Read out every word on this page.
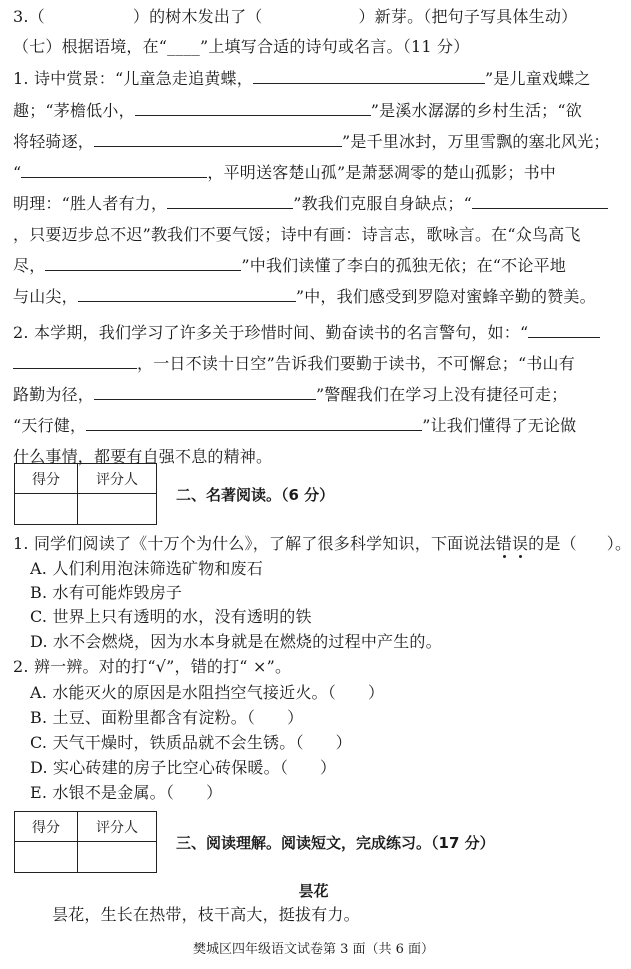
3.（	）的树木发出了（	）新芽。（把句子写具体生动）
（七）根据语境，在“____”上填写合适的诗句或名言。（11 分）
1. 诗中赏景：“儿童急走追黄蝶，	”是儿童戏蝶之
趣；“茅檐低小，	”是溪水潺潺的乡村生活；“欲
将轻骑逐，	”是千里冰封，万里雪飘的塞北风光；
“	，平明送客楚山孤”是萧瑟凋零的楚山孤影；书中
明理：“胜人者有力，	”教我们克服自身缺点；“
，只要迈步总不迟”教我们不要气馁；诗中有画：诗言志，歌咏言。在“众鸟高飞
尽，	”中我们读懂了李白的孤独无依；在“不论平地
与山尖，	”中，我们感受到罗隐对蜜蜂辛勤的赞美。
2. 本学期，我们学习了许多关于珍惜时间、勤奋读书的名言警句，如：“
，一日不读十日空”告诉我们要勤于读书，不可懈怠；“书山有
路勤为径，	”警醒我们在学习上没有捷径可走；
“天行健，	”让我们懂得了无论做
什么事情，都要有自强不息的精神。
得分	评分人

二、名著阅读。（6 分）
1. 同学们阅读了《十万个为什么》，了解了很多科学知识，下面说法错误的是（ ）。
A. 人们利用泡沫筛选矿物和废石
B. 水有可能炸毁房子
C. 世界上只有透明的水，没有透明的铁
D. 水不会燃烧，因为水本身就是在燃烧的过程中产生的。
2. 辨一辨。对的打“√”，错的打“ ×”。
A. 水能灭火的原因是水阻挡空气接近火。（ ）
B. 土豆、面粉里都含有淀粉。（ ）
C. 天气干燥时，铁质品就不会生锈。（ ）
D. 实心砖建的房子比空心砖保暖。（ ）
E. 水银不是金属。（ ）
得分	评分人

三、阅读理解。阅读短文，完成练习。（17 分）
昙花
昙花，生长在热带，枝干高大，挺拔有力。
樊城区四年级语文试卷第 3 面（共 6 面）
